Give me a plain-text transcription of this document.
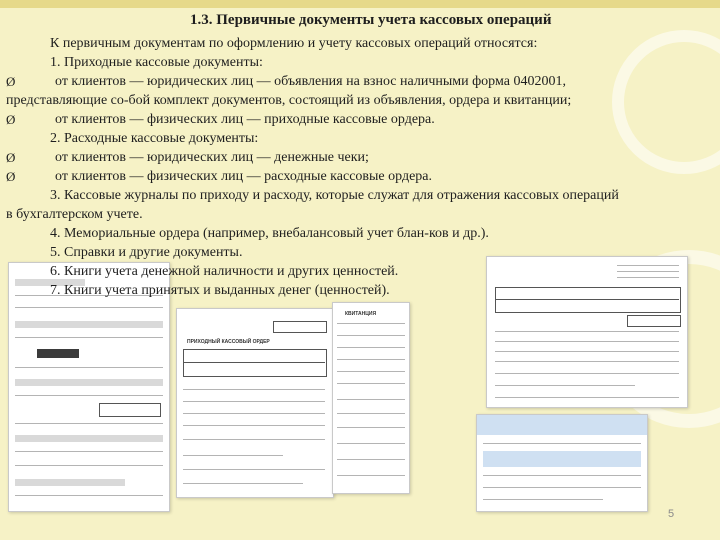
ПРИХОДНЫЙ КАССОВЫЙ ОРДЕР
КВИТАНЦИЯ
1.3. Первичные документы учета кассовых операций

К первичным документам по оформлению и учету кассовых операций относятся:

1. Приходные кассовые документы:

Ø	от клиентов — юридических лиц — объявления на взнос наличными форма 0402001,

представляющие со-бой комплект документов, состоящий из объявления, ордера и квитанции;

Ø	от клиентов — физических лиц — приходные кассовые ордера.

2. Расходные кассовые документы:

Ø	от клиентов — юридических лиц — денежные чеки;

Ø	от клиентов — физических лиц — расходные кассовые ордера.

3. Кассовые журналы по приходу и расходу, которые служат для отражения кассовых операций

в бухгалтерском учете.

4. Мемориальные ордера (например, внебалансовый учет блан-ков и др.).

5. Справки и другие документы.

6. Книги учета денежной наличности и других ценностей.

7. Книги учета принятых и выданных денег (ценностей).

5
